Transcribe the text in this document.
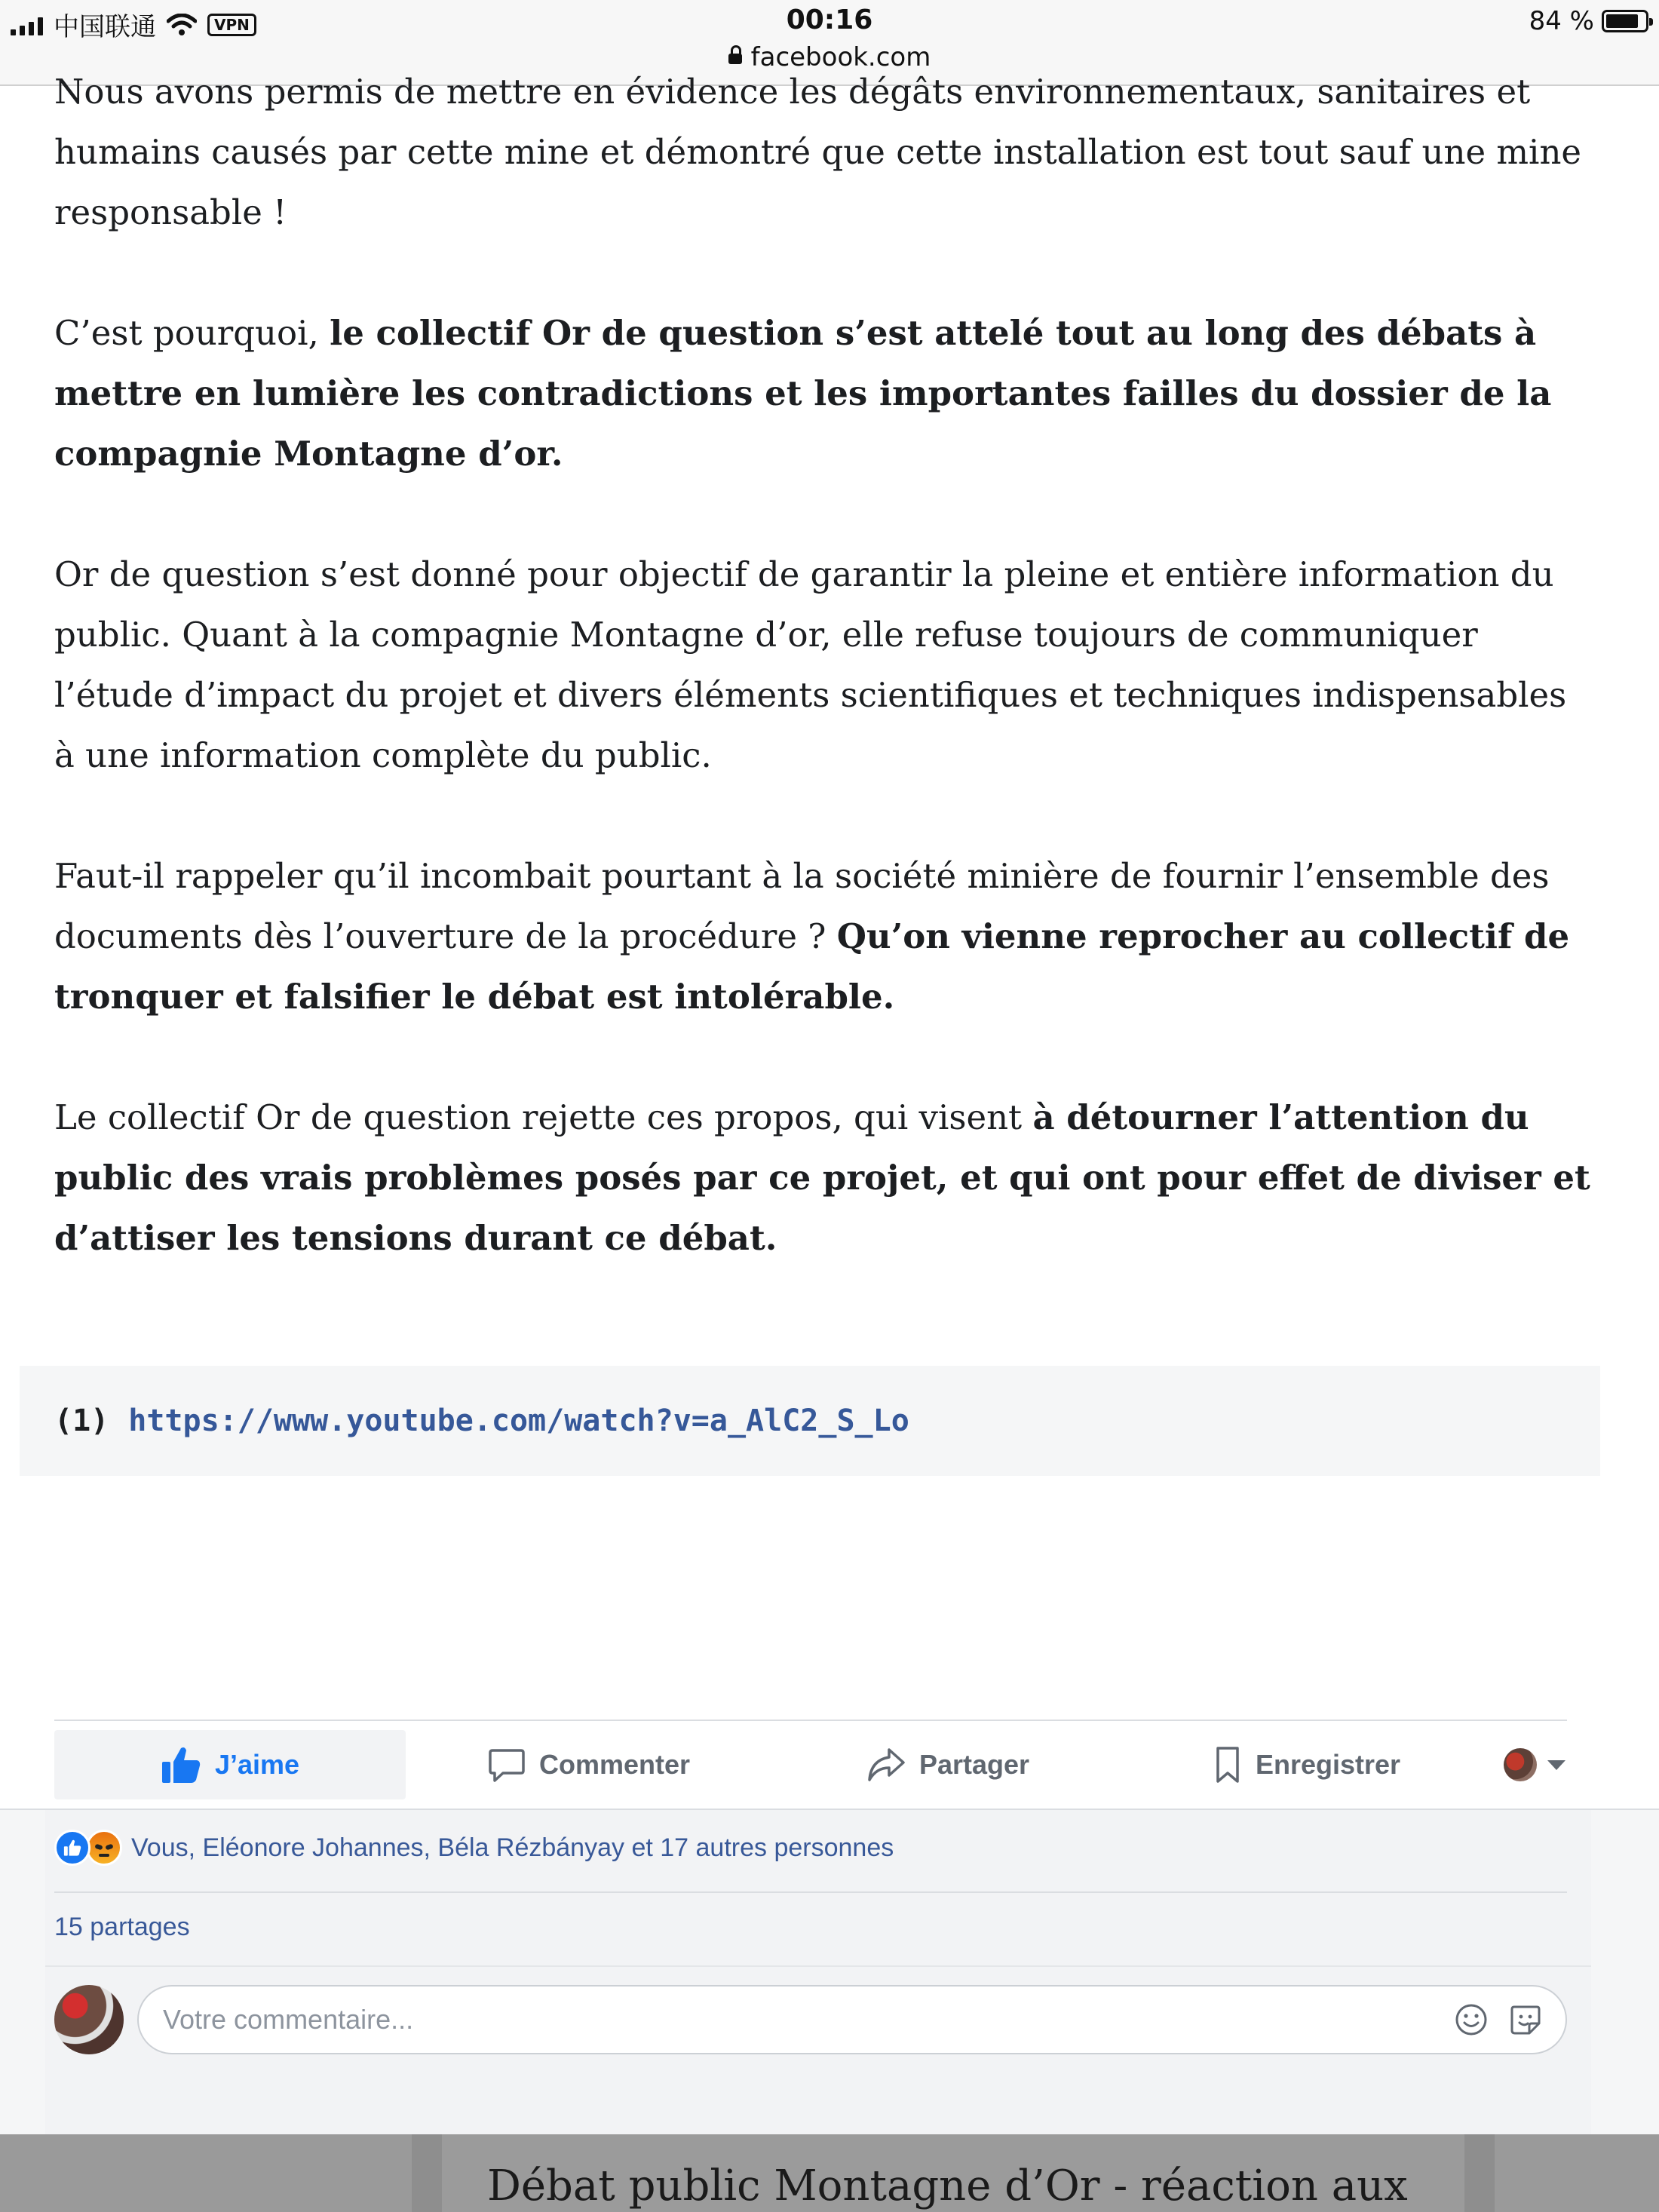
中国联通	VPN	00:16
facebook.com
84 %

Nous avons permis de mettre en évidence les dégâts environnementaux, sanitaires et humains causés par cette mine et démontré que cette installation est tout sauf une mine responsable !

C’est pourquoi, le collectif Or de question s’est attelé tout au long des débats à mettre en lumière les contradictions et les importantes failles du dossier de la compagnie Montagne d’or.

Or de question s’est donné pour objectif de garantir la pleine et entière information du public. Quant à la compagnie Montagne d’or, elle refuse toujours de communiquer l’étude d’impact du projet et divers éléments scientifiques et techniques indispensables à une information complète du public.

Faut-il rappeler qu’il incombait pourtant à la société minière de fournir l’ensemble des documents dès l’ouverture de la procédure ? Qu’on vienne reprocher au collectif de tronquer et falsifier le débat est intolérable.

Le collectif Or de question rejette ces propos, qui visent à détourner l’attention du public des vrais problèmes posés par ce projet, et qui ont pour effet de diviser et d’attiser les tensions durant ce débat.

(1) https://www.youtube.com/watch?v=a_AlC2_S_Lo
J’aime	Commenter	Partager	Enregistrer
Vous, Eléonore Johannes, Béla Rézbányay et 17 autres personnes
15 partages
Votre commentaire...
Débat public Montagne d’Or - réaction aux
